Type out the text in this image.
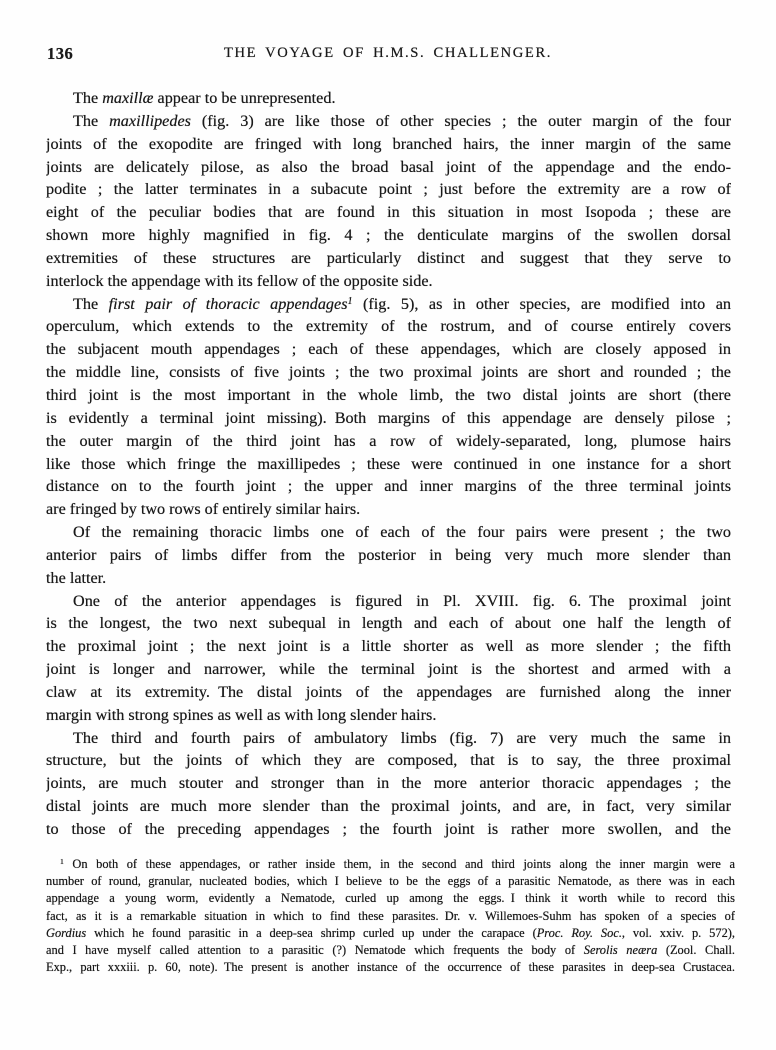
136	THE VOYAGE OF H.M.S. CHALLENGER.
The maxillæ appear to be unrepresented.
The maxillipedes (fig. 3) are like those of other species ; the outer margin of the four
joints of the exopodite are fringed with long branched hairs, the inner margin of the same
joints are delicately pilose, as also the broad basal joint of the appendage and the endo-
podite ; the latter terminates in a subacute point ; just before the extremity are a row of
eight of the peculiar bodies that are found in this situation in most Isopoda ; these are
shown more highly magnified in fig. 4 ; the denticulate margins of the swollen dorsal
extremities of these structures are particularly distinct and suggest that they serve to
interlock the appendage with its fellow of the opposite side.
The first pair of thoracic appendages$^1$ (fig. 5), as in other species, are modified into an
operculum, which extends to the extremity of the rostrum, and of course entirely covers
the subjacent mouth appendages ; each of these appendages, which are closely apposed in
the middle line, consists of five joints ; the two proximal joints are short and rounded ; the
third joint is the most important in the whole limb, the two distal joints are short (there
is evidently a terminal joint missing). Both margins of this appendage are densely pilose ;
the outer margin of the third joint has a row of widely-separated, long, plumose hairs
like those which fringe the maxillipedes ; these were continued in one instance for a short
distance on to the fourth joint ; the upper and inner margins of the three terminal joints
are fringed by two rows of entirely similar hairs.
Of the remaining thoracic limbs one of each of the four pairs were present ; the two
anterior pairs of limbs differ from the posterior in being very much more slender than
the latter.
One of the anterior appendages is figured in Pl. XVIII. fig. 6. The proximal joint
is the longest, the two next subequal in length and each of about one half the length of
the proximal joint ; the next joint is a little shorter as well as more slender ; the fifth
joint is longer and narrower, while the terminal joint is the shortest and armed with a
claw at its extremity. The distal joints of the appendages are furnished along the inner
margin with strong spines as well as with long slender hairs.
The third and fourth pairs of ambulatory limbs (fig. 7) are very much the same in
structure, but the joints of which they are composed, that is to say, the three proximal
joints, are much stouter and stronger than in the more anterior thoracic appendages ; the
distal joints are much more slender than the proximal joints, and are, in fact, very similar
to those of the preceding appendages ; the fourth joint is rather more swollen, and the
$^1$ On both of these appendages, or rather inside them, in the second and third joints along the inner margin were a
number of round, granular, nucleated bodies, which I believe to be the eggs of a parasitic Nematode, as there was in each
appendage a young worm, evidently a Nematode, curled up among the eggs. I think it worth while to record this
fact, as it is a remarkable situation in which to find these parasites. Dr. v. Willemoes-Suhm has spoken of a species of
Gordius which he found parasitic in a deep-sea shrimp curled up under the carapace (Proc. Roy. Soc., vol. xxiv. p. 572),
and I have myself called attention to a parasitic (?) Nematode which frequents the body of Serolis neæra (Zool. Chall.
Exp., part xxxiii. p. 60, note). The present is another instance of the occurrence of these parasites in deep-sea Crustacea.
